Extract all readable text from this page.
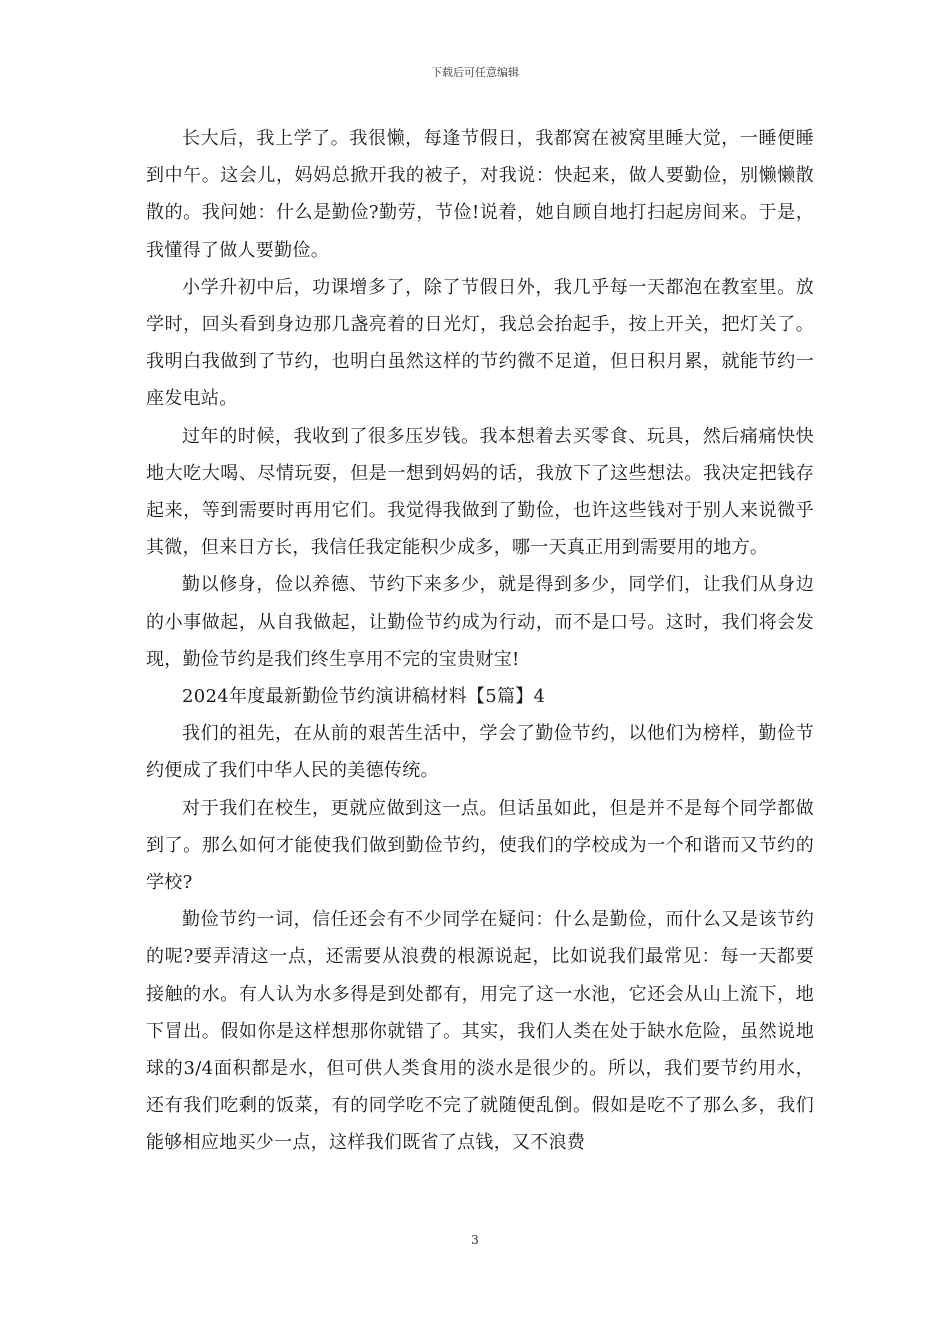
下载后可任意编辑

长大后，我上学了。我很懒，每逢节假日，我都窝在被窝里睡大觉，一睡便睡到中午。这会儿，妈妈总掀开我的被子，对我说：快起来，做人要勤俭，别懒懒散散的。我问她：什么是勤俭?勤劳，节俭!说着，她自顾自地打扫起房间来。于是，我懂得了做人要勤俭。

小学升初中后，功课增多了，除了节假日外，我几乎每一天都泡在教室里。放学时，回头看到身边那几盏亮着的日光灯，我总会抬起手，按上开关，把灯关了。我明白我做到了节约，也明白虽然这样的节约微不足道，但日积月累，就能节约一座发电站。

过年的时候，我收到了很多压岁钱。我本想着去买零食、玩具，然后痛痛快快地大吃大喝、尽情玩耍，但是一想到妈妈的话，我放下了这些想法。我决定把钱存起来，等到需要时再用它们。我觉得我做到了勤俭，也许这些钱对于别人来说微乎其微，但来日方长，我信任我定能积少成多，哪一天真正用到需要用的地方。

勤以修身，俭以养德、节约下来多少，就是得到多少，同学们，让我们从身边的小事做起，从自我做起，让勤俭节约成为行动，而不是口号。这时，我们将会发现，勤俭节约是我们终生享用不完的宝贵财宝!

2024年度最新勤俭节约演讲稿材料【5篇】4

我们的祖先，在从前的艰苦生活中，学会了勤俭节约，以他们为榜样，勤俭节约便成了我们中华人民的美德传统。

对于我们在校生，更就应做到这一点。但话虽如此，但是并不是每个同学都做到了。那么如何才能使我们做到勤俭节约，使我们的学校成为一个和谐而又节约的学校?

勤俭节约一词，信任还会有不少同学在疑问：什么是勤俭，而什么又是该节约的呢?要弄清这一点，还需要从浪费的根源说起，比如说我们最常见：每一天都要接触的水。有人认为水多得是到处都有，用完了这一水池，它还会从山上流下，地下冒出。假如你是这样想那你就错了。其实，我们人类在处于缺水危险，虽然说地球的3/4面积都是水，但可供人类食用的淡水是很少的。所以，我们要节约用水，还有我们吃剩的饭菜，有的同学吃不完了就随便乱倒。假如是吃不了那么多，我们能够相应地买少一点，这样我们既省了点钱，又不浪费

3
